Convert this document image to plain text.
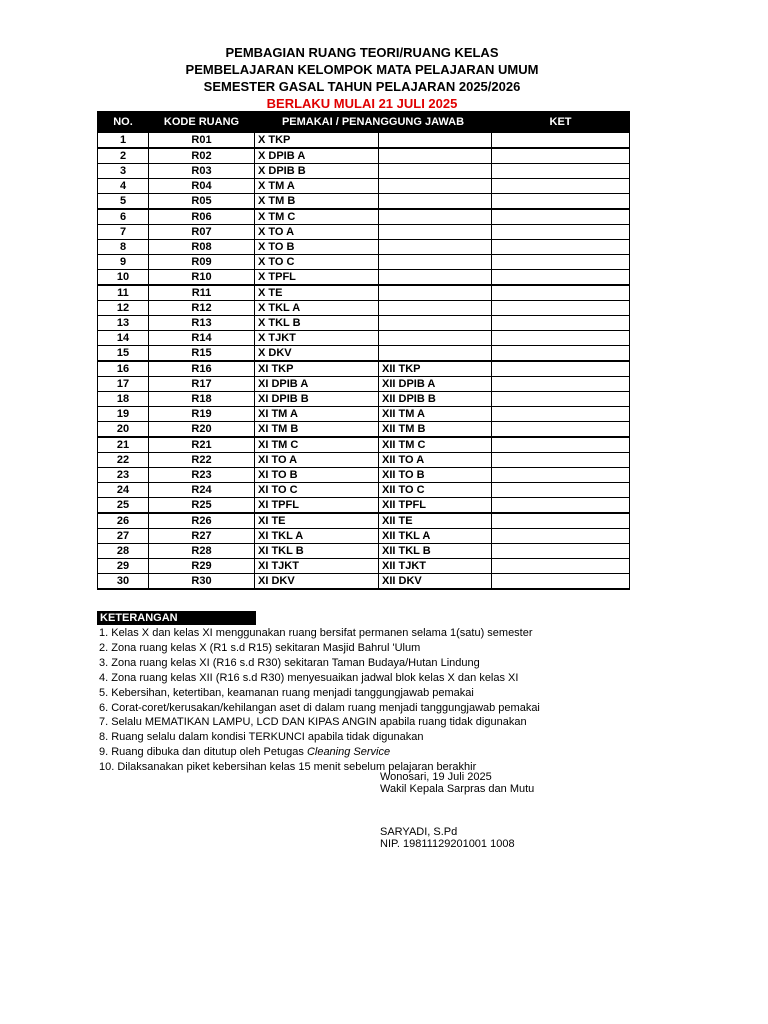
PEMBAGIAN RUANG TEORI/RUANG KELAS
PEMBELAJARAN KELOMPOK MATA PELAJARAN UMUM
SEMESTER GASAL TAHUN PELAJARAN 2025/2026
BERLAKU MULAI 21 JULI 2025
NO.	KODE RUANG	PEMAKAI / PENANGGUNG JAWAB		KET
1	R01	X TKP		
2	R02	X DPIB A		
3	R03	X DPIB B		
4	R04	X TM A		
5	R05	X TM B		
6	R06	X TM C		
7	R07	X TO A		
8	R08	X TO B		
9	R09	X TO C		
10	R10	X TPFL		
11	R11	X TE		
12	R12	X TKL A		
13	R13	X TKL B		
14	R14	X TJKT		
15	R15	X DKV		
16	R16	XI TKP	XII TKP	
17	R17	XI DPIB A	XII DPIB A	
18	R18	XI DPIB B	XII DPIB B	
19	R19	XI TM A	XII TM A	
20	R20	XI TM B	XII TM B	
21	R21	XI TM C	XII TM C	
22	R22	XI TO A	XII TO A	
23	R23	XI TO B	XII TO B	
24	R24	XI TO C	XII TO C	
25	R25	XI TPFL	XII TPFL	
26	R26	XI TE	XII TE	
27	R27	XI TKL A	XII TKL A	
28	R28	XI TKL B	XII TKL B	
29	R29	XI TJKT	XII TJKT	
30	R30	XI DKV	XII DKV	
KETERANGAN
1. Kelas X dan kelas XI menggunakan ruang bersifat permanen selama 1(satu) semester
2. Zona ruang kelas X (R1 s.d R15) sekitaran Masjid Bahrul 'Ulum
3. Zona ruang kelas XI (R16 s.d R30) sekitaran Taman Budaya/Hutan Lindung
4. Zona ruang kelas XII (R16 s.d R30) menyesuaikan jadwal blok kelas X dan kelas XI
5. Kebersihan, ketertiban, keamanan ruang menjadi tanggungjawab pemakai
6. Corat-coret/kerusakan/kehilangan aset di dalam ruang menjadi tanggungjawab pemakai
7. Selalu MEMATIKAN LAMPU, LCD DAN KIPAS ANGIN apabila ruang tidak digunakan
8. Ruang selalu dalam kondisi TERKUNCI apabila tidak digunakan
9. Ruang dibuka dan ditutup oleh Petugas Cleaning Service
10. Dilaksanakan piket kebersihan kelas 15 menit sebelum pelajaran berakhir
Wonosari, 19 Juli 2025
Wakil Kepala Sarpras dan Mutu
SARYADI, S.Pd
NIP. 19811129201001 1008
